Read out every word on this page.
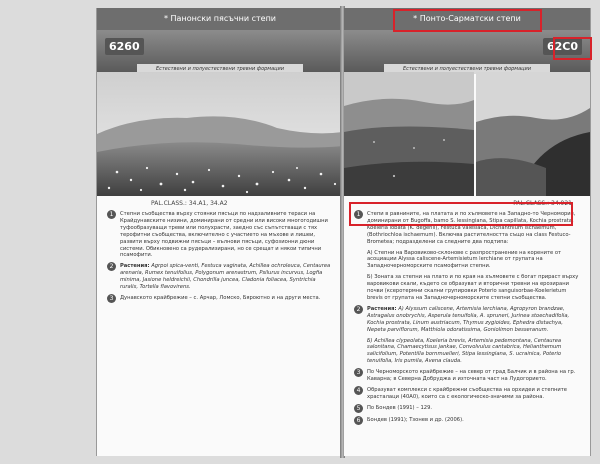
* Панонски пясъчни степи
6260
Естествени и полуестествени тревни формации
PAL.CLASS.: 34.A1, 34.A2
1	Степни съобщества върху стоянки пясъци по надзаливните тераси на Крайдунавските низини, доминирани от средни или високи многогодишни туфообразуващи треви или полухрасти, заедно със съпътстващи с тях терофитни съобщества, включително с участието на мъхове и лишеи, развити върху подвижни пясъци – вълнови пясъци, суфозионни дюни системи. Обикновено са рудерализирани, но се срещат и някои типични псамофити.
2	Растения: Agrpoi spica-venti, Festuca vaginata, Achillea ochroleuca, Centaurea arenaria, Rumex tenuifolius, Polygonum arenastrum, Psilurus incurvus, Logfia minima, Jasione heldreichii, Chondrilla juncea, Cladonia foliacea, Syntrichia ruralis, Tortella flavovirens.
3	Дунавското крайбрежие – с. Арчар, Ломско, Бяроютно и на други места.
* Понто-Сарматски степи
62C0
Естествени и полуестествени тревни формации
PAL.CLASS.: 34.921
1	Степи в равнините, на платата и по хълмовете на Западно-то Черноморие, доминирани от Bugoffa, bamo S. lessingiana, Stipa capillata, Kochia prostrata, Koeleria lobata (K. degenii), Festuca valesiaca, Dichanthium ischaemum, (Bothriochloa ischaemum). Включва растителността също на class Festuco-Brometea; подразделени са следните два подтипа:
А) Степни на Варовиково-склонове с разпространение на корените от асоциации Alyssa caliscene-Artemisietum lerchiane от групата на Западночерноморските псамофитни степни.
Б) Зоната за степни на плато и по края на хълмовете с богат прираст върху варовикови скали, където се образуват и вторични тревни на ерозирани почви (ксеротермни скални групировки Poterio sanguisorbae-Koelerietum brevis от групата на Западночерноморските степни съобщества.
2	Растения: А) Alyssum caliscene, Artemisia lerchiana, Agropyron brandzae, Astragalus onobrychis, Asperula tenuifolia, A. spruneri, Jurinea stoechadifolia, Kochia prostrata, Linum austriacum, Thymus zygioides, Ephedra distachya, Nepeta parviflorum, Matthiola odoratissima, Goniolimon besseranum.
Б) Achillea clypeolata, Koeleria brevis, Artemisia pedemontana, Centaurea salonitana, Chamaecytisus jankae, Convolvulus cantabrica, Helianthemum salicifolium, Potentilla bornmuelleri, Stipa lessingiana, S. ucrainica, Poterio tenuifolia, Iris pumila, Avena clauda.
3	По Черноморското крайбрежие – на север от град Балчик и в района на гр. Каварна; в Северна Добруджа и източната част на Лудогорието.
4	Образуват комплекси с крайбрежни съобщества на орхидеи и степните храсталаци (40А0), които са с екологическо-значими за района.
5	По Бондев (1991) – 129.
6	Бондев (1991); Тзонев и др. (2006).
